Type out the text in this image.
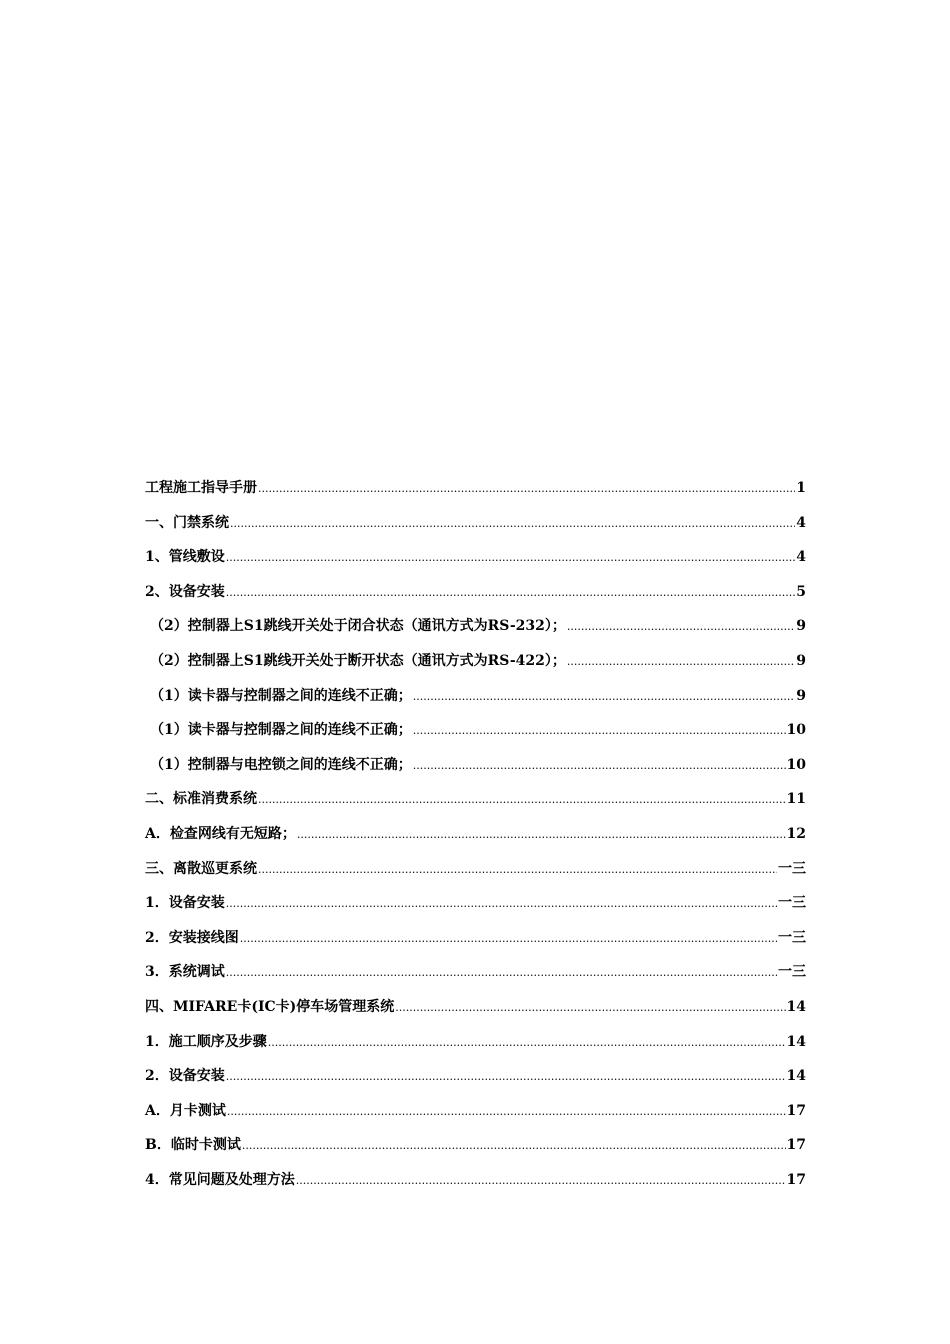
工程施工指导手册 .....	1
一、门禁系统 .....	4
1、管线敷设 .....	4
2、设备安装 .....	5
（2）控制器上S1跳线开关处于闭合状态（通讯方式为RS-232）； .....	9
（2）控制器上S1跳线开关处于断开状态（通讯方式为RS-422）； .....	9
（1）读卡器与控制器之间的连线不正确； .....	9
（1）读卡器与控制器之间的连线不正确； .....	10
（1）控制器与电控锁之间的连线不正确； .....	10
二、标准消费系统 .....	11
A．检查网线有无短路； .....	12
三、离散巡更系统 .....	一三
1．设备安装 .....	一三
2．安装接线图 .....	一三
3．系统调试 .....	一三
四、MIFARE卡(IC卡)停车场管理系统 .....	14
1．施工顺序及步骤 .....	14
2．设备安装 .....	14
A．月卡测试 .....	17
B．临时卡测试 .....	17
4．常见问题及处理方法 .....	17
